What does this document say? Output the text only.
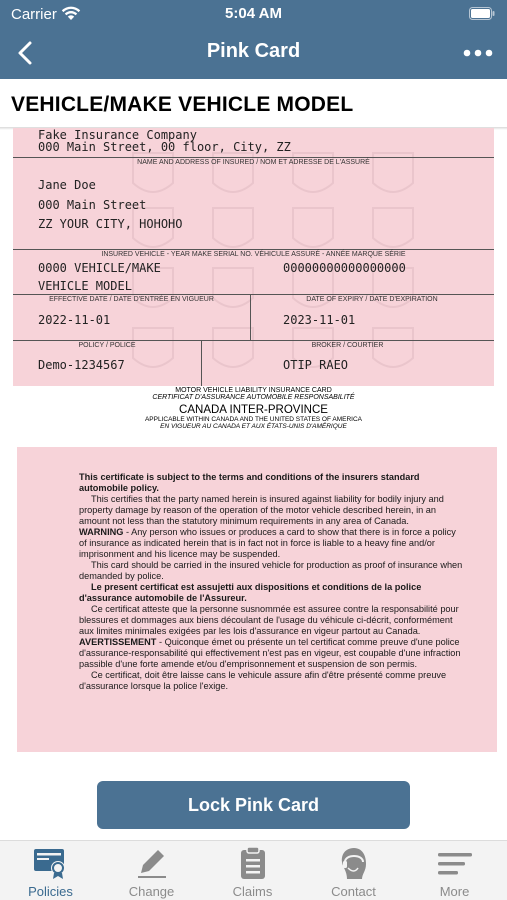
Carrier	5:04 AM
Pink Card
VEHICLE/MAKE VEHICLE MODEL
Fake Insurance Company
000 Main Street, 00 floor, City, ZZ
NAME AND ADDRESS OF INSURED / NOM ET ADRESSE DE L'ASSURÉ
Jane Doe
000 Main Street
ZZ YOUR CITY, HOHOHO
INSURED VEHICLE - YEAR MAKE SERIAL NO. VÉHICULE ASSURÉ - ANNÉE MARQUE SÉRIE
0000 VEHICLE/MAKE	00000000000000000
VEHICLE MODEL
EFFECTIVE DATE / DATE D'ENTRÉE EN VIGUEUR	DATE OF EXPIRY / DATE D'EXPIRATION
2022-11-01	2023-11-01
POLICY / POLICE	BROKER / COURTIER
Demo-1234567	OTIP RAEO
MOTOR VEHICLE LIABILITY INSURANCE CARD
CERTIFICAT D'ASSURANCE AUTOMOBILE RESPONSABILITÉ
CANADA INTER-PROVINCE
APPLICABLE WITHIN CANADA AND THE UNITED STATES OF AMERICA
EN VIGUEUR AU CANADA ET AUX ÉTATS-UNIS D'AMÉRIQUE

This certificate is subject to the terms and conditions of the insurers standard automobile policy.

This certifies that the party named herein is insured against liability for bodily injury and property damage by reason of the operation of the motor vehicle described herein, in an amount not less than the statutory minimum requirements in any area of Canada.

WARNING - Any person who issues or produces a card to show that there is in force a policy of insurance as indicated herein that is in fact not in force is liable to a heavy fine and/or imprisonment and his licence may be suspended.

This card should be carried in the insured vehicle for production as proof of insurance when demanded by police.

Le present certificat est assujetti aux dispositions et conditions de la police d'assurance automobile de l'Assureur.

Ce certificat atteste que la personne susnommée est assuree contre la responsabilité pour blessures et dommages aux biens découlant de l'usage du véhicule ci-décrit, conformément aux limites minimales exigées par les lois d'assurance en vigeur partout au Canada.

AVERTISSEMENT - Quiconque émet ou présente un tel certificat comme preuve d'une police d'assurance-responsabilité qui effectivement n'est pas en vigeur, est coupable d'une infraction passible d'une forte amende et/ou d'emprisonnement et suspension de son permis.

Ce certificat, doit être laisse cans le vehicule assure afin d'être présenté comme preuve d'assurance lorsque la police l'exige.

Lock Pink Card
Policies	Change	Claims	Contact	More
